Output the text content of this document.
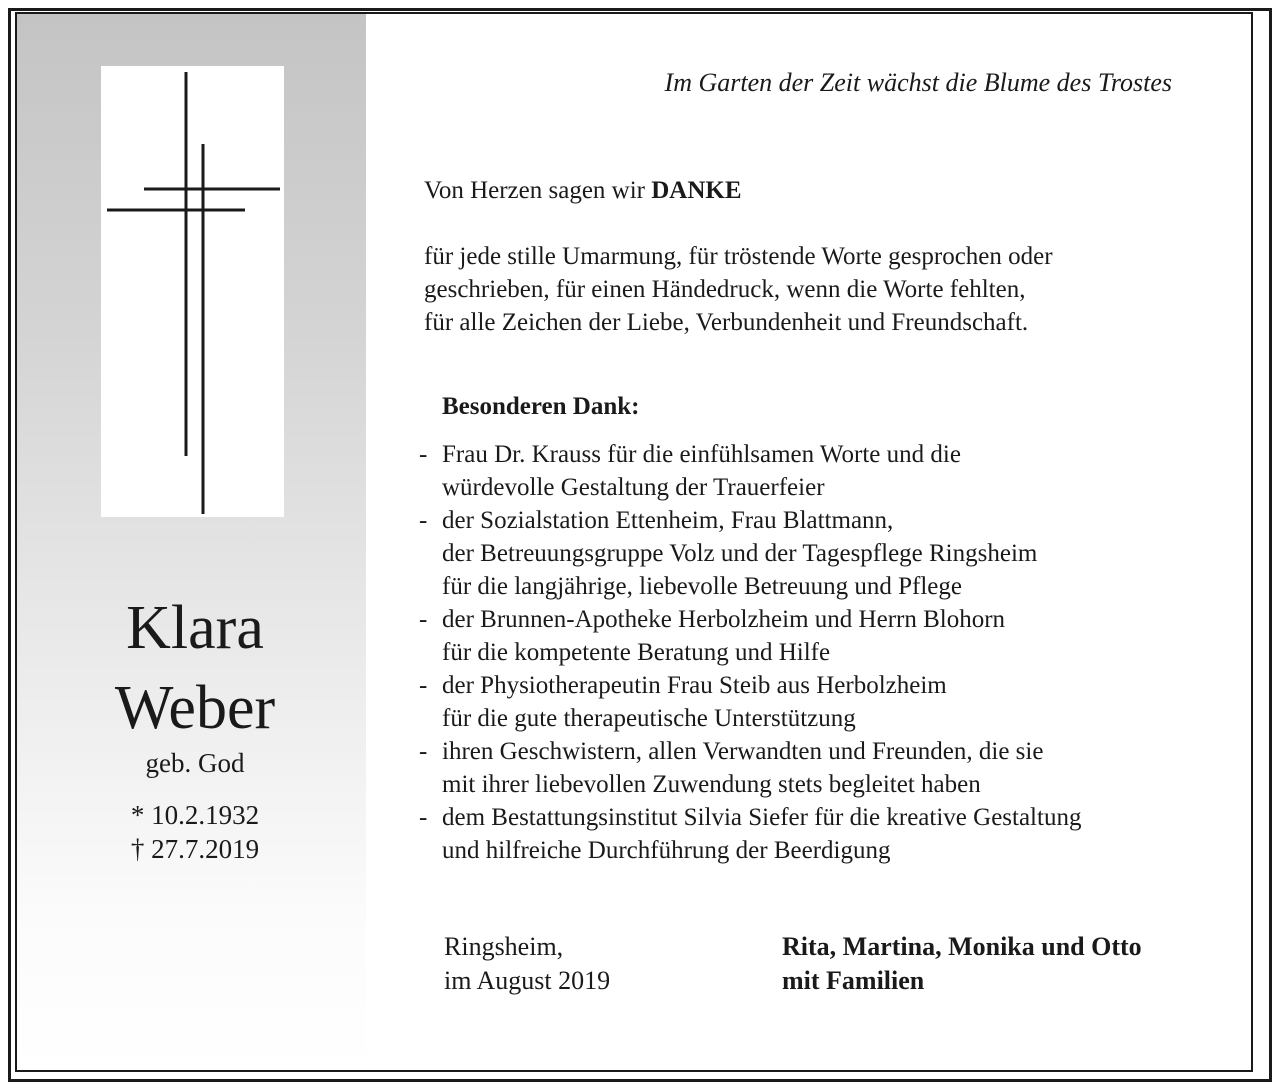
Klara
Weber
geb. God
* 10.2.1932
† 27.7.2019
Im Garten der Zeit wächst die Blume des Trostes
Von Herzen sagen wir DANKE
für jede stille Umarmung, für tröstende Worte gesprochen oder
geschrieben, für einen Händedruck, wenn die Worte fehlten,
für alle Zeichen der Liebe, Verbundenheit und Freundschaft.
Besonderen Dank:
- Frau Dr. Krauss für die einfühlsamen Worte und die
würdevolle Gestaltung der Trauerfeier
- der Sozialstation Ettenheim, Frau Blattmann,
der Betreuungsgruppe Volz und der Tagespflege Ringsheim
für die langjährige, liebevolle Betreuung und Pflege
- der Brunnen-Apotheke Herbolzheim und Herrn Blohorn
für die kompetente Beratung und Hilfe
- der Physiotherapeutin Frau Steib aus Herbolzheim
für die gute therapeutische Unterstützung
- ihren Geschwistern, allen Verwandten und Freunden, die sie
mit ihrer liebevollen Zuwendung stets begleitet haben
- dem Bestattungsinstitut Silvia Siefer für die kreative Gestaltung
und hilfreiche Durchführung der Beerdigung
Ringsheim,
im August 2019
Rita, Martina, Monika und Otto
mit Familien
